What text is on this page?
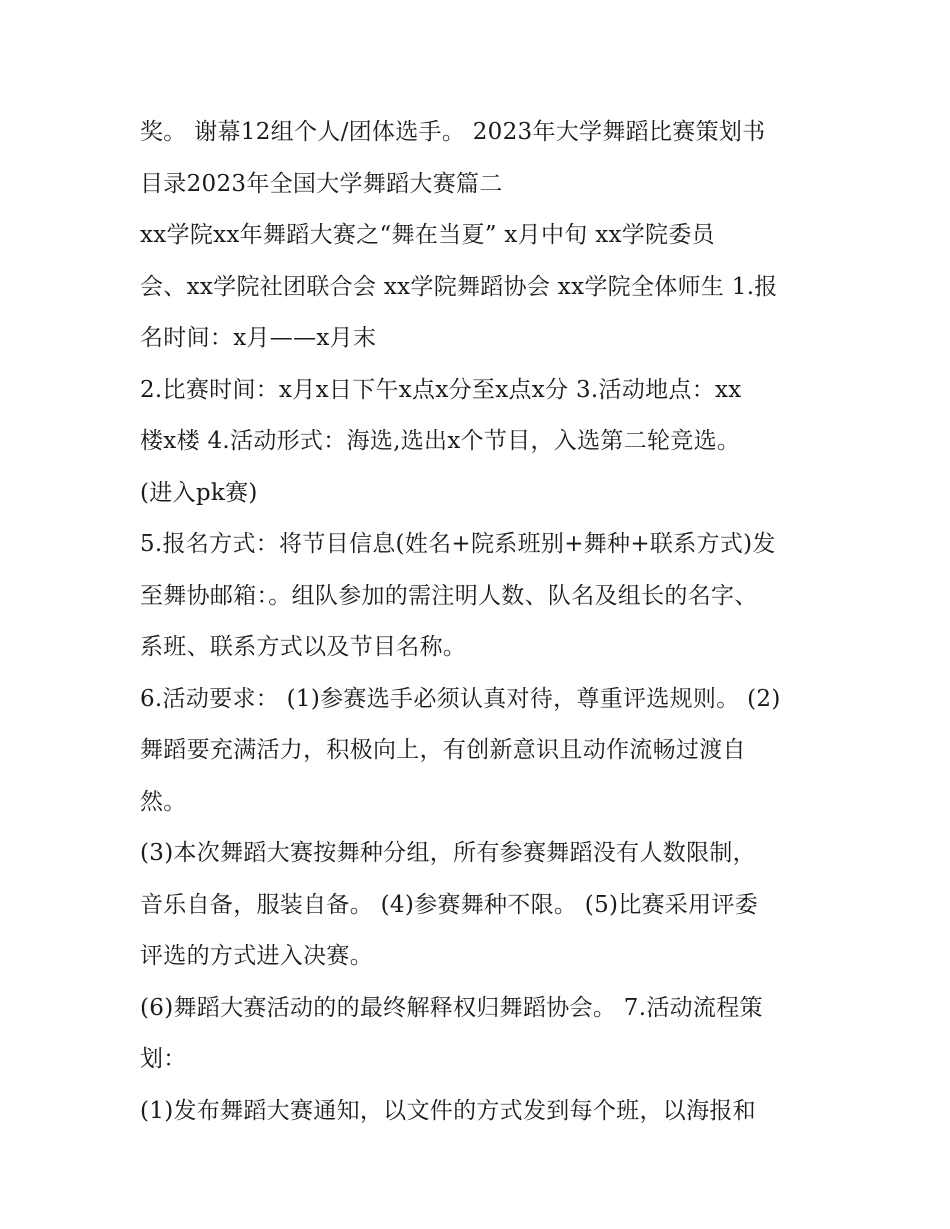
奖。 谢幕12组个人/团体选手。 2023年大学舞蹈比赛策划书
目录2023年全国大学舞蹈大赛篇二
xx学院xx年舞蹈大赛之“舞在当夏” x月中旬 xx学院委员
会、xx学院社团联合会 xx学院舞蹈协会 xx学院全体师生 1.报
名时间：x月——x月末
2.比赛时间：x月x日下午x点x分至x点x分 3.活动地点：xx
楼x楼 4.活动形式：海选,选出x个节目，入选第二轮竞选。
(进入pk赛)
5.报名方式：将节目信息(姓名+院系班别+舞种+联系方式)发
至舞协邮箱：。组队参加的需注明人数、队名及组长的名字、
系班、联系方式以及节目名称。
6.活动要求： (1)参赛选手必须认真对待，尊重评选规则。 (2)
舞蹈要充满活力，积极向上，有创新意识且动作流畅过渡自
然。
(3)本次舞蹈大赛按舞种分组，所有参赛舞蹈没有人数限制，
音乐自备，服装自备。 (4)参赛舞种不限。 (5)比赛采用评委
评选的方式进入决赛。
(6)舞蹈大赛活动的的最终解释权归舞蹈协会。 7.活动流程策
划：
(1)发布舞蹈大赛通知，以文件的方式发到每个班，以海报和
